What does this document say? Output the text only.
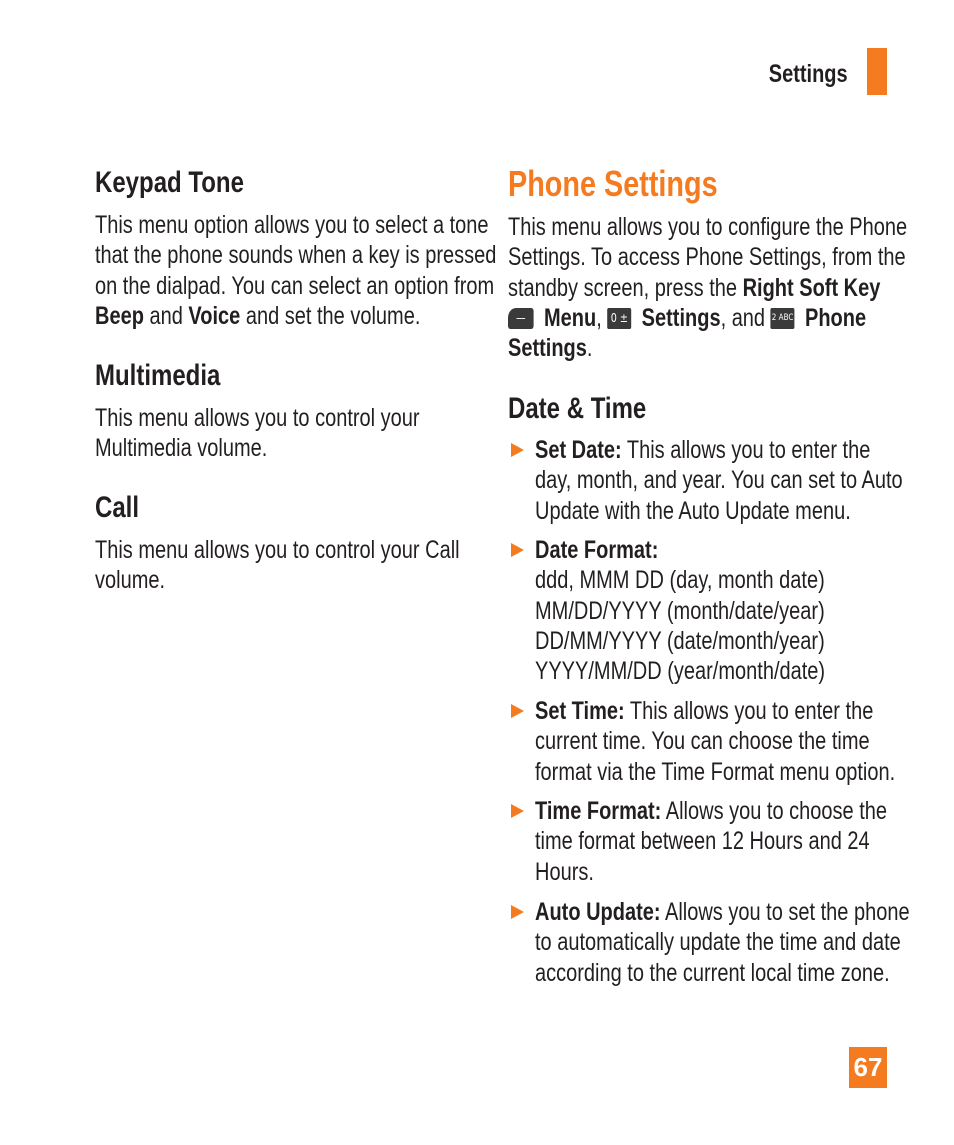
Settings
Keypad Tone
This menu option allows you to select a tone
that the phone sounds when a key is pressed
on the dialpad. You can select an option from
Beep and Voice and set the volume.
Multimedia
This menu allows you to control your
Multimedia volume.
Call
This menu allows you to control your Call
volume.
Phone Settings
This menu allows you to configure the Phone
Settings. To access Phone Settings, from the
standby screen, press the Right Soft Key
— Menu, 0 ± Settings, and 2 ABC Phone
Settings.
Date & Time
Set Date: This allows you to enter the
day, month, and year. You can set to Auto
Update with the Auto Update menu.
Date Format:
ddd, MMM DD (day, month date)
MM/DD/YYYY (month/date/year)
DD/MM/YYYY (date/month/year)
YYYY/MM/DD (year/month/date)
Set Time: This allows you to enter the
current time. You can choose the time
format via the Time Format menu option.
Time Format: Allows you to choose the
time format between 12 Hours and 24
Hours.
Auto Update: Allows you to set the phone
to automatically update the time and date
according to the current local time zone.
67
